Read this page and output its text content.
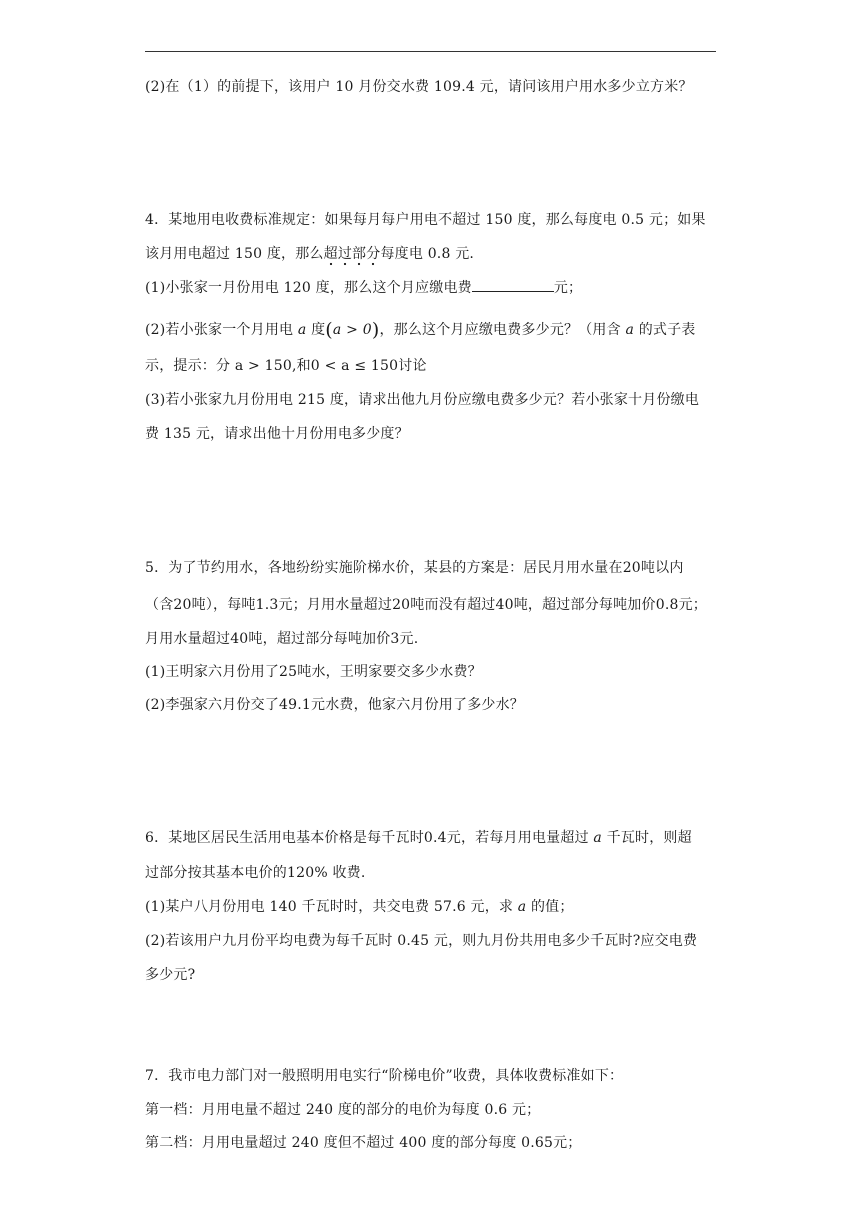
(2)在（1）的前提下，该用户 10 月份交水费 109.4 元，请问该用户用水多少立方米？
4．某地用电收费标准规定：如果每月每户用电不超过 150 度，那么每度电 0.5 元；如果
该月用电超过 150 度，那么超过部分每度电 0.8 元.
(1)小张家一月份用电 120 度，那么这个月应缴电费	元；
(2)若小张家一个月用电 a 度(a > 0)，那么这个月应缴电费多少元？（用含 a 的式子表
示，提示：分 a > 150,和0 < a ≤ 150讨论
(3)若小张家九月份用电 215 度，请求出他九月份应缴电费多少元？若小张家十月份缴电
费 135 元，请求出他十月份用电多少度？
5．为了节约用水，各地纷纷实施阶梯水价，某县的方案是：居民月用水量在20吨以内
（含20吨），每吨1.3元；月用水量超过20吨而没有超过40吨，超过部分每吨加价0.8元；
月用水量超过40吨，超过部分每吨加价3元.
(1)王明家六月份用了25吨水，王明家要交多少水费？
(2)李强家六月份交了49.1元水费，他家六月份用了多少水？
6．某地区居民生活用电基本价格是每千瓦时0.4元，若每月用电量超过 a 千瓦时，则超
过部分按其基本电价的120% 收费.
(1)某户八月份用电 140 千瓦时时，共交电费 57.6 元，求 a 的值；
(2)若该用户九月份平均电费为每千瓦时 0.45 元，则九月份共用电多少千瓦时?应交电费
多少元?
7．我市电力部门对一般照明用电实行“阶梯电价”收费，具体收费标准如下：
第一档：月用电量不超过 240 度的部分的电价为每度 0.6 元；
第二档：月用电量超过 240 度但不超过 400 度的部分每度 0.65元；
